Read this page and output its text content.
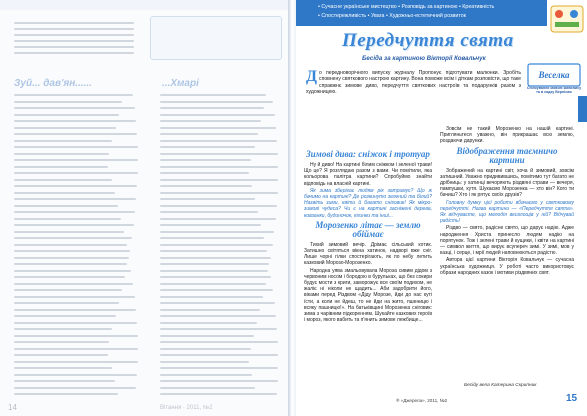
• Сучасне українське мистецтво • Розповідь за картиною • Креативність
• Спостережливість • Увага • Художньо-естетичний розвиток
Передчуття свята
Бесіда за картиною Вікторії Ковальчук
Веселка
Спілкування мовою живопису та в садку Вернісаж
Д о передноворічного випуску журналу Пропонує підготувати малюнки. Зробіть сповнену святкового настрою картину. Вона поможе всім і діткам розповісти, що таке справжнє зимове диво, передчуття святкових настроїв та подарунків разом з художницею.
Зимові дива: сніжок і тротуар

Ну й диво! На картині білим сніжком і зеленої трави! Що це? Я розглядаю разом з вами. Чи помітили, яка кольорова палітра картини? Спробуймо знайти відповідь на власній картині.

Як зима зберігає людям рік затримує? Що ж бачимо на картині? Де розкинуто зелений та білий? Назвіть зими, квіти й багато сніговик! Як мікро-зимові чудеса? Чи є на картині засніжені дерева, ковзанки, будиночок, ялинки та інші...

Морозенко літає — землю обіймає

Тихий зимовий вечір. Дрімає сільський котик. Затишно світяться вікна хатинок, надворі вже сніг. Лише чорні гілки спостерігають, як по небу летить казковий Морозо-Морозенко.

Народна уява змальовувала Мороза сивим дідом з червоним носом і бородою в бурульках, що без сокири будує мости з криги, заморожує все своїм подихом, не жаліє ні ніколи не щадить... Аби задобрити його, віками перед Різдвом «Діду Морозе, йди до нас куті їсти, а коли не йдеш, то не йди на жито, пшеницю і всяку пашницю!». На батьківщині Морозенка сніговик: зима з чарівним підкоренням. Шукайте казкових героїв і мороз, якого вабить та п'янить зимове лежбище...

Зовсім не такий Морозенко на нашій картині. Пригляньтеся уважно, він прикрашає всю землю, роздаючи дарунки.

Відображення таємничо картини

Зображений на картині світ, хоча й зимовий, зовсім затишний. Уважно придивившись, помітимо тут багато не дрібниць: у хатинці вечоряють різдвяні страви — вечеря, пампушки, кутя. Шукаємо Морозенка — хто він? Кого ти бачиш? Хто і як рятує своїх друзів?

Головну думку цієї роботи вбачаємо у святковому передчутті. Назва картини — «Передчуття свята». Як відчуваєте, що мелодія веселощів у ній? Відчувай радість!

Різдво — свято, радісне свято, що дарує надію. Адже народження Христа принесло людям надію на порятунок. Тож і зелені трави й кущики, і квіти на картині — символ життя, що вирує всупереч зимі. У зимі, мов у казці, і серце, і мрії людей наповнюються радістю.

Автора цієї картини Вікторія Ковальчук — сучасна українська художниця. У роботі часто використовує образи народних казок і мотиви різдвяних свят.

Бесіду вела Катерина Скрипник
® «Джерела», 2011, №2	15
